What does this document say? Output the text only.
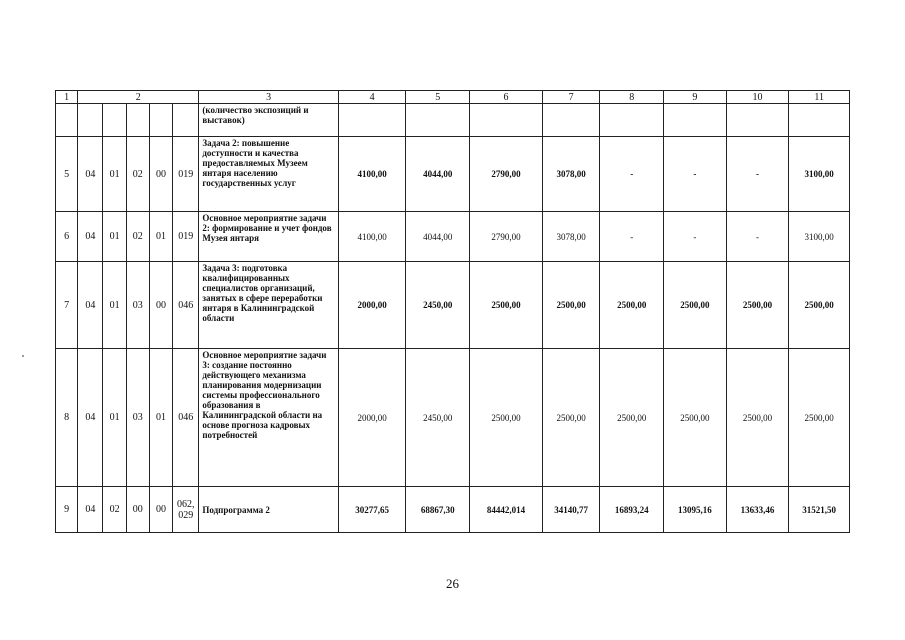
1	2					3	4	5	6	7	8	9	10	11
						(количество экспозиций и выставок)								
5	04	01	02	00	019	Задача 2: повышение доступности и качества предоставляемых Музеем янтаря населению государственных услуг	4100,00	4044,00	2790,00	3078,00	-	-	-	3100,00
6	04	01	02	01	019	Основное мероприятие задачи 2: формирование и учет фондов Музея янтаря	4100,00	4044,00	2790,00	3078,00	-	-	-	3100,00
7	04	01	03	00	046	Задача 3: подготовка квалифицированных специалистов организаций, занятых в сфере переработки янтаря в Калининградской области	2000,00	2450,00	2500,00	2500,00	2500,00	2500,00	2500,00	2500,00
8	04	01	03	01	046	Основное мероприятие задачи 3: создание постоянно действующего механизма планирования модернизации системы профессионального образования в Калининградской области на основе прогноза кадровых потребностей	2000,00	2450,00	2500,00	2500,00	2500,00	2500,00	2500,00	2500,00
9	04	02	00	00	062, 029	Подпрограмма 2	30277,65	68867,30	84442,014	34140,77	16893,24	13095,16	13633,46	31521,50
26
